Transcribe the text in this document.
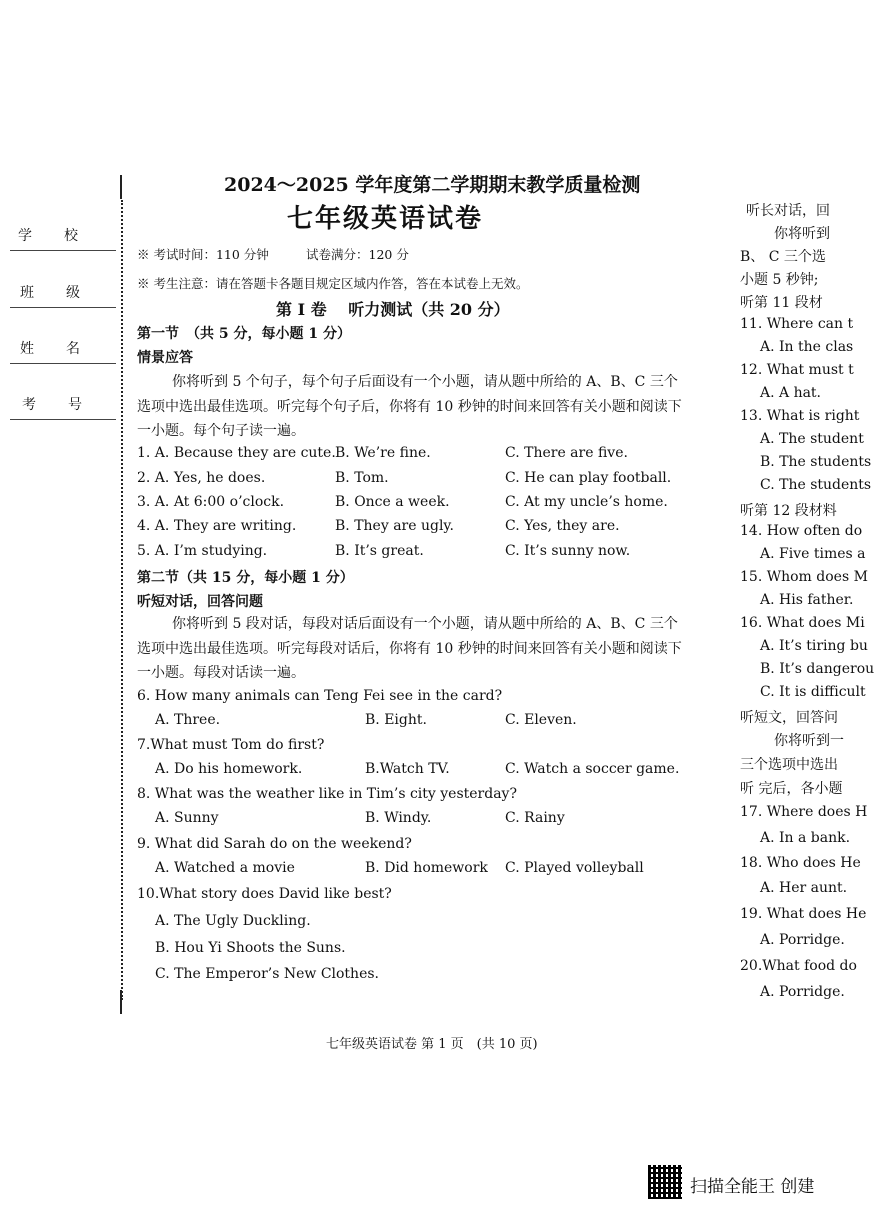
2024～2025 学年度第二学期期末教学质量检测
七年级英语试卷
※ 考试时间：110 分钟	试卷满分：120 分
※ 考生注意：请在答题卡各题目规定区域内作答，答在本试卷上无效。
学 校
班 级
姓 名
考 号
第 I 卷　 听力测试（共 20 分）
第一节　（共 5 分，每小题 1 分）
情景应答
你将听到 5 个句子，每个句子后面设有一个小题，请从题中所给的 A、B、C 三个选项中选出最佳选项。听完每个句子后，你将有 10 秒钟的时间来回答有关小题和阅读下一小题。每个句子读一遍。
1. A. Because they are cute. B. We’re fine.	C. There are five.
2. A. Yes, he does.	B. Tom.	C. He can play football.
3. A. At 6:00 o’clock.	B. Once a week.	C. At my uncle’s home.
4. A. They are writing.	B. They are ugly.	C. Yes, they are.
5. A. I’m studying.	B. It’s great.	C. It’s sunny now.
第二节（共 15 分，每小题 1 分）
听短对话，回答问题
你将听到 5 段对话，每段对话后面设有一个小题，请从题中所给的 A、B、C 三个选项中选出最佳选项。听完每段对话后，你将有 10 秒钟的时间来回答有关小题和阅读下一小题。每段对话读一遍。
6. How many animals can Teng Fei see in the card?
A. Three.	B. Eight.	C. Eleven.
7.What must Tom do first?
A. Do his homework.	B.Watch TV.	C. Watch a soccer game.
8. What was the weather like in Tim’s city yesterday?
A. Sunny	B. Windy.	C. Rainy
9. What did Sarah do on the weekend?
A. Watched a movie	B. Did homework C. Played volleyball
10.What story does David like best?
A. The Ugly Duckling.
B. Hou Yi Shoots the Suns.
C. The Emperor’s New Clothes.
听长对话，回
你将听到
B、 C 三个选
小题 5 秒钟;
听第 11 段材
11. Where can t
A. In the clas
12. What must t
A. A hat.
13. What is right
A. The student
B. The students
C. The students
听第 12 段材料
14. How often do
A. Five times a
15. Whom does M
A. His father.
16. What does Mi
A. It’s tiring bu
B. It’s dangerou
C. It is difficult
听短文，回答问
你将听到一
三个选项中选出
听 完后，各小题
17. Where does H
A. In a bank.
18. Who does He
A. Her aunt.
19. What does He
A. Porridge.
20.What food do
A. Porridge.
七年级英语试卷 第 1 页　(共 10 页)
扫描全能王 创建
